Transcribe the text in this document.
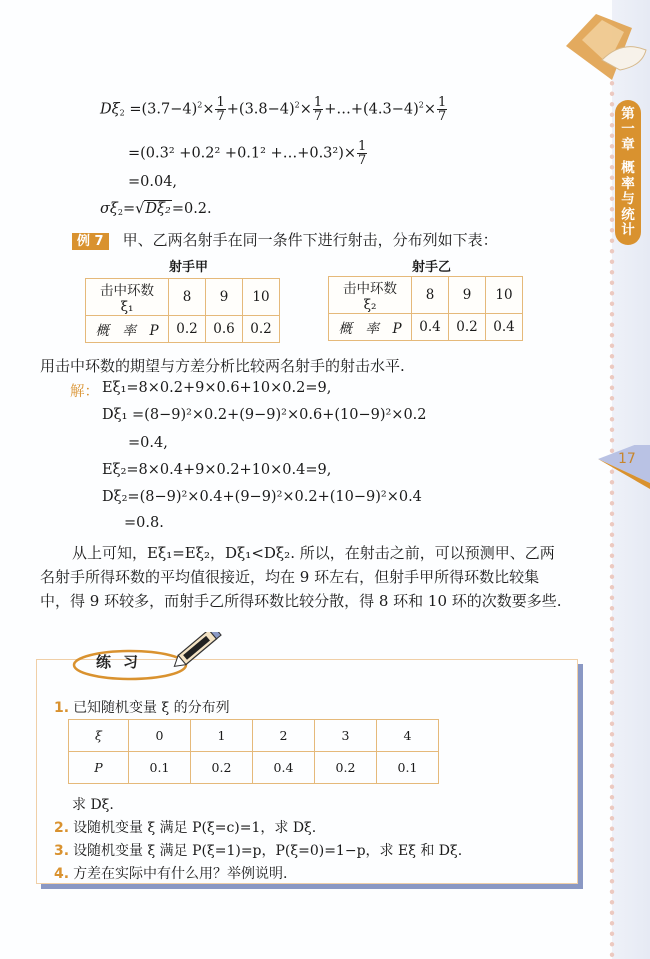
第
一
章
概
率
与
统
计
17
$D\xi_2 =(3.7-4)^2\times \frac{1}{7} +(3.8-4)^2\times \frac{1}{7}$ $+\dots+(4.3-4)^2\times \frac{1}{7}$
=(0.3² +0.2² +0.1² +…+0.3²)× $\frac{1}{7}$
=0.04,
$\sigma\xi_2=√D\xi_2=0.2$.
例 7 甲、乙两名射手在同一条件下进行射击，分布列如下表：
射手甲
击中环数 ξ₁	8	9	10
概　率　P	0.2	0.6	0.2
射手乙
击中环数 ξ₂	8	9	10
概　率　P	0.4	0.2	0.4
用击中环数的期望与方差分析比较两名射手的射击水平.
解： Eξ₁=8×0.2+9×0.6+10×0.2=9,
Dξ₁ =(8−9)²×0.2+(9−9)²×0.6+(10−9)²×0.2
=0.4,
Eξ₂=8×0.4+9×0.2+10×0.4=9,
Dξ₂=(8−9)²×0.4+(9−9)²×0.2+(10−9)²×0.4
=0.8.
从上可知，Eξ₁=Eξ₂，Dξ₁<Dξ₂. 所以，在射击之前，可以预测甲、乙两
名射手所得环数的平均值很接近，均在 9 环左右，但射手甲所得环数比较集
中，得 9 环较多，而射手乙所得环数比较分散，得 8 环和 10 环的次数要多些.
练习
1. 已知随机变量 ξ 的分布列
ξ	0	1	2	3	4
P	0.1	0.2	0.4	0.2	0.1
求 Dξ.
2. 设随机变量 ξ 满足 P(ξ=c)=1，求 Dξ.
3. 设随机变量 ξ 满足 P(ξ=1)=p，P(ξ=0)=1−p，求 Eξ 和 Dξ.
4. 方差在实际中有什么用？举例说明.
